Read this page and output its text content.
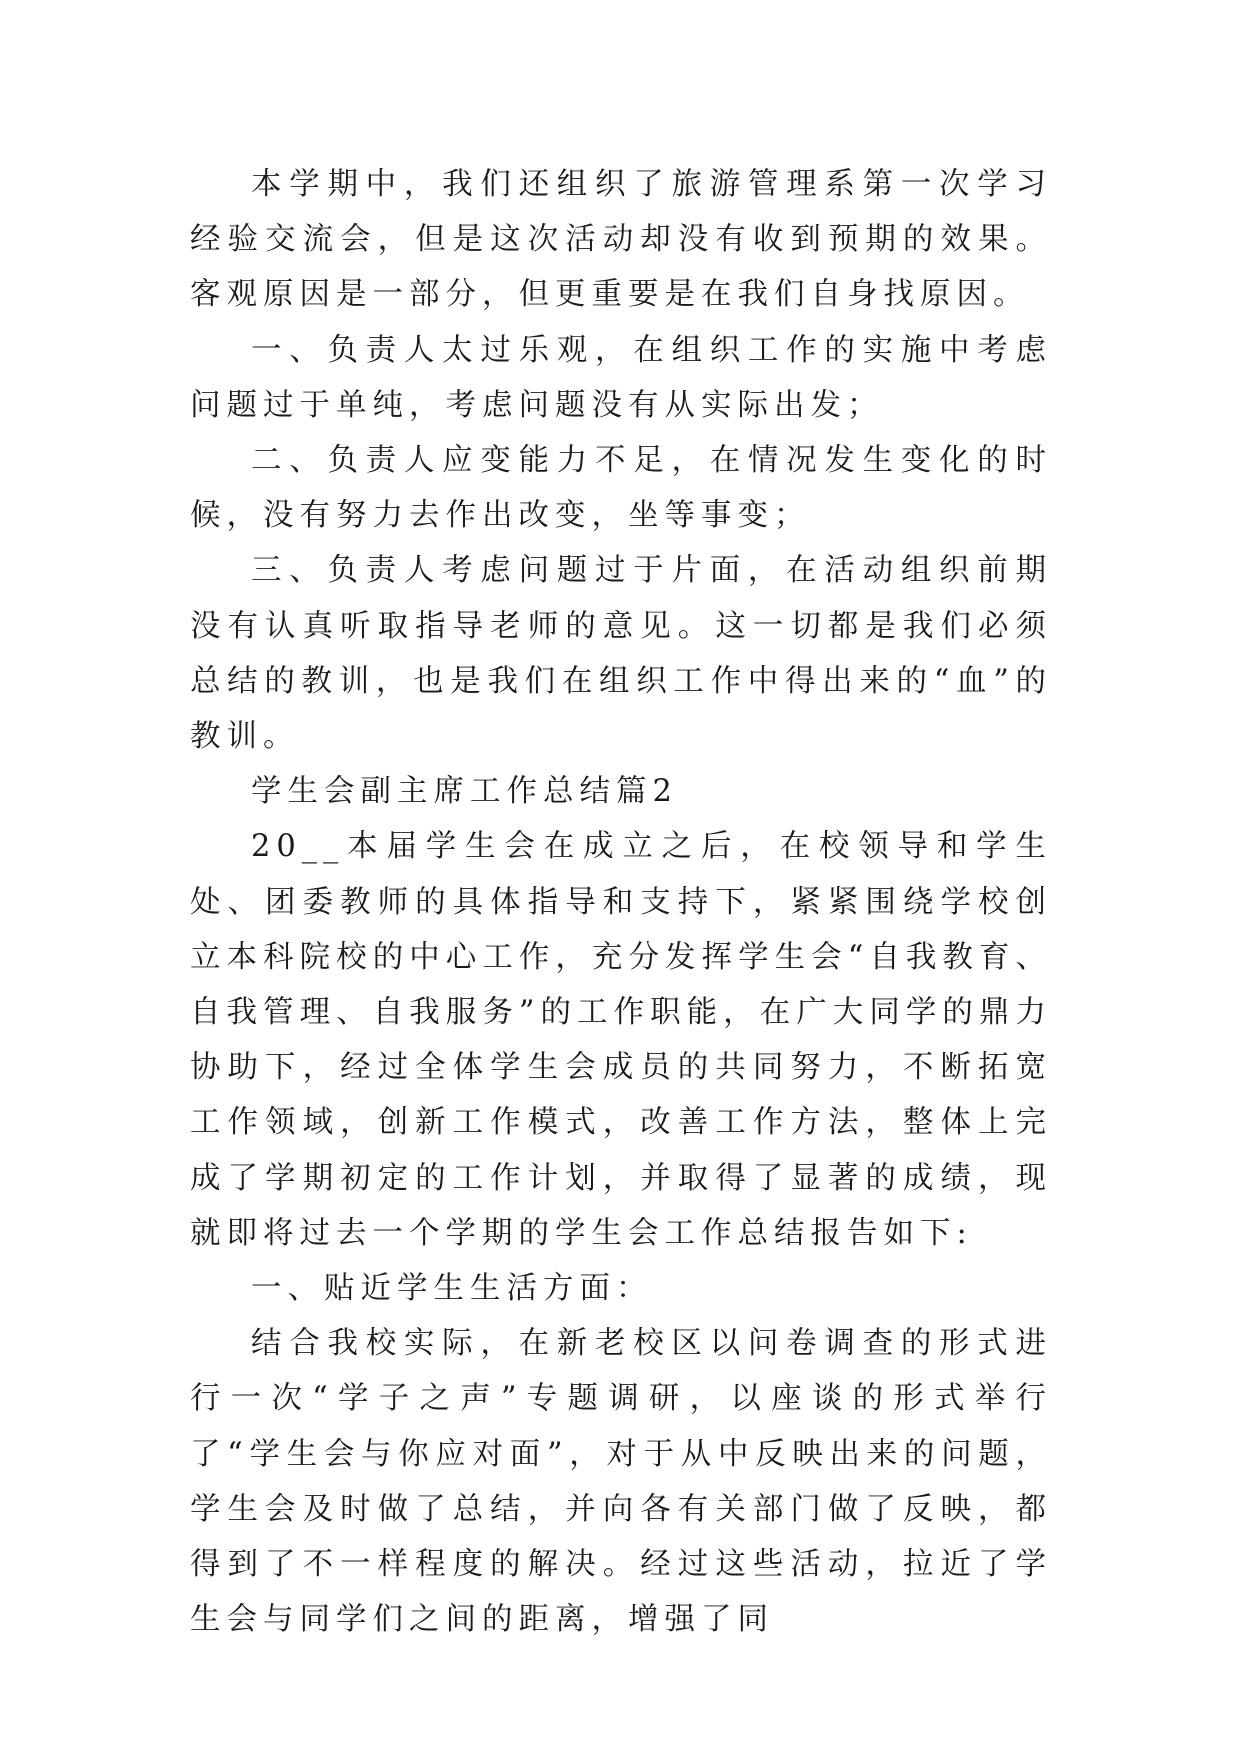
本学期中，我们还组织了旅游管理系第一次学习经验交流会，但是这次活动却没有收到预期的效果。客观原因是一部分，但更重要是在我们自身找原因。

一、负责人太过乐观，在组织工作的实施中考虑问题过于单纯，考虑问题没有从实际出发；

二、负责人应变能力不足，在情况发生变化的时候，没有努力去作出改变，坐等事变；

三、负责人考虑问题过于片面，在活动组织前期没有认真听取指导老师的意见。这一切都是我们必须总结的教训，也是我们在组织工作中得出来的“血”的教训。

学生会副主席工作总结篇2

20__本届学生会在成立之后，在校领导和学生处、团委教师的具体指导和支持下，紧紧围绕学校创立本科院校的中心工作，充分发挥学生会“自我教育、自我管理、自我服务”的工作职能，在广大同学的鼎力协助下，经过全体学生会成员的共同努力，不断拓宽工作领域，创新工作模式，改善工作方法，整体上完成了学期初定的工作计划，并取得了显著的成绩，现就即将过去一个学期的学生会工作总结报告如下:

一、贴近学生生活方面：

结合我校实际，在新老校区以问卷调查的形式进行一次“学子之声”专题调研，以座谈的形式举行了“学生会与你应对面”，对于从中反映出来的问题，学生会及时做了总结，并向各有关部门做了反映，都得到了不一样程度的解决。经过这些活动，拉近了学生会与同学们之间的距离，增强了同
